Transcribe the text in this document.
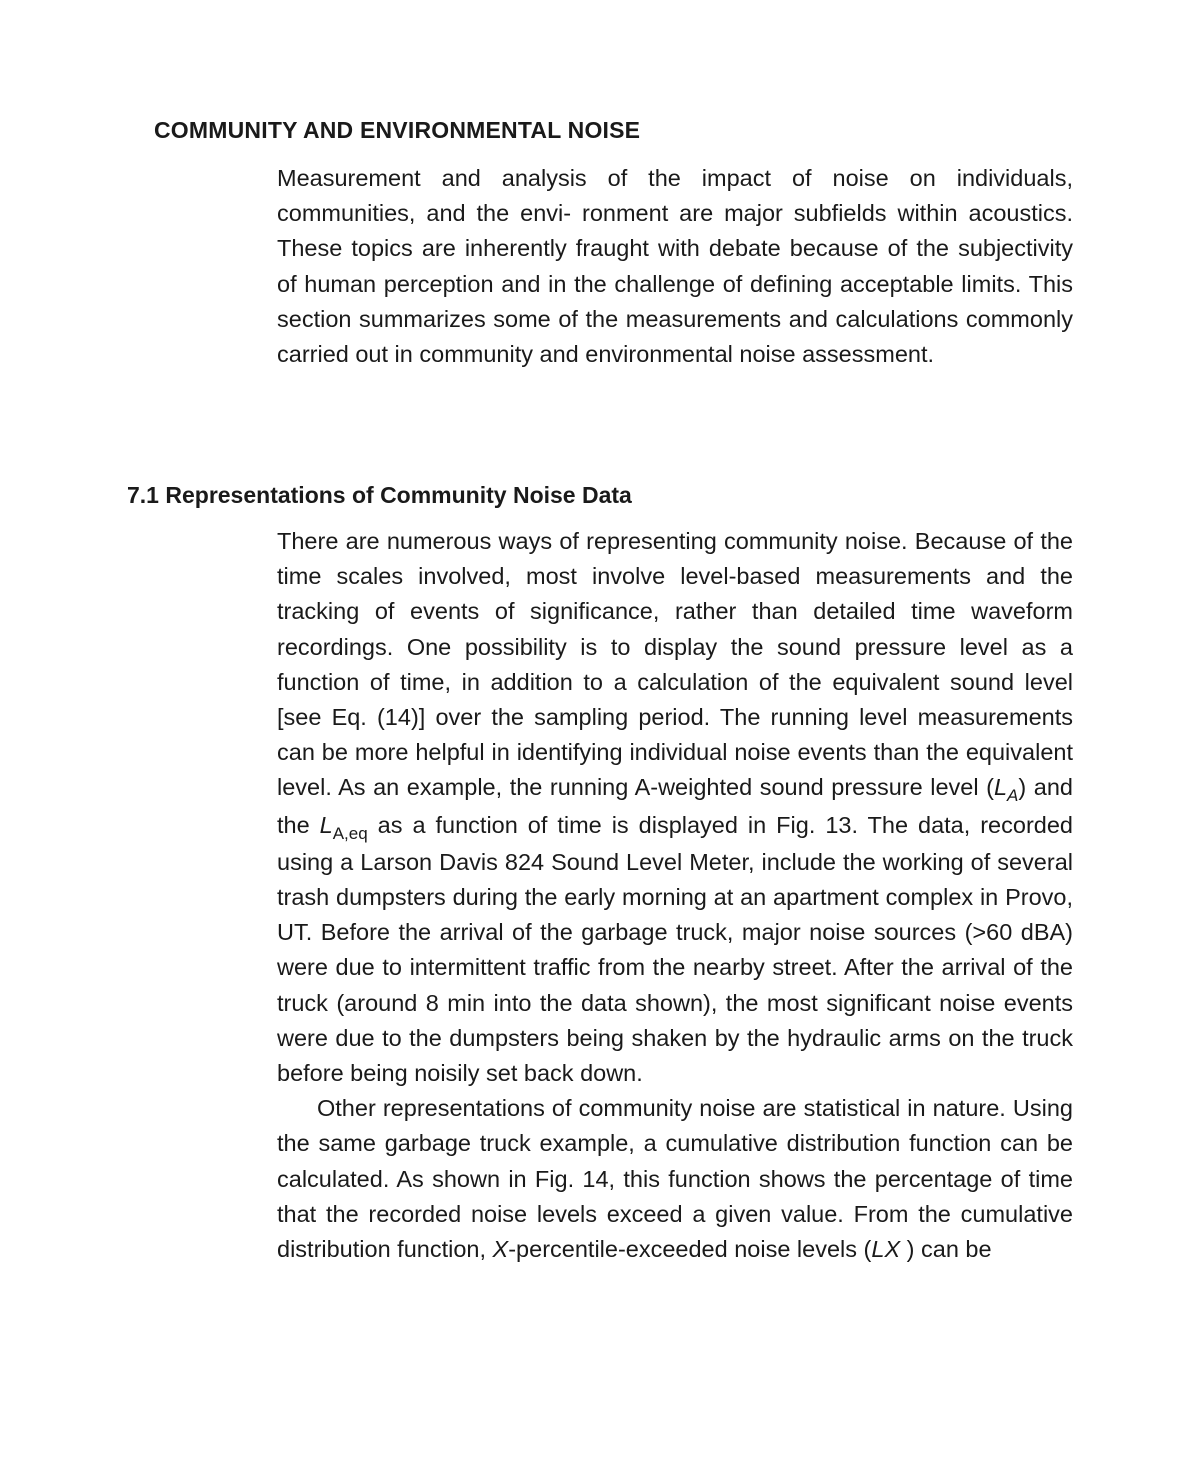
COMMUNITY AND ENVIRONMENTAL NOISE

Measurement and analysis of the impact of noise on individuals, communities, and the envi- ronment are major subfields within acoustics. These topics are inherently fraught with debate because of the subjectivity of human perception and in the challenge of defining acceptable limits. This section summarizes some of the measurements and calculations commonly carried out in community and environmental noise assessment.

7.1 Representations of Community Noise Data

There are numerous ways of representing community noise. Because of the time scales involved, most involve level-based measurements and the tracking of events of significance, rather than detailed time waveform recordings. One possibility is to display the sound pressure level as a function of time, in addition to a calculation of the equivalent sound level [see Eq. (14)] over the sampling period. The running level measurements can be more helpful in identifying individual noise events than the equivalent level. As an example, the running A-weighted sound pressure level $(L_A)$ and the $L_{A,eq}$ as a function of time is displayed in Fig. 13. The data, recorded using a Larson Davis 824 Sound Level Meter, include the working of several trash dumpsters during the early morning at an apartment complex in Provo, UT. Before the arrival of the garbage truck, major noise sources (>60 dBA) were due to intermittent traffic from the nearby street. After the arrival of the truck (around 8 min into the data shown), the most significant noise events were due to the dumpsters being shaken by the hydraulic arms on the truck before being noisily set back down.

Other representations of community noise are statistical in nature. Using the same garbage truck example, a cumulative distribution function can be calculated. As shown in Fig. 14, this function shows the percentage of time that the recorded noise levels exceed a given value. From the cumulative distribution function, X-percentile-exceeded noise levels (LX ) can be
